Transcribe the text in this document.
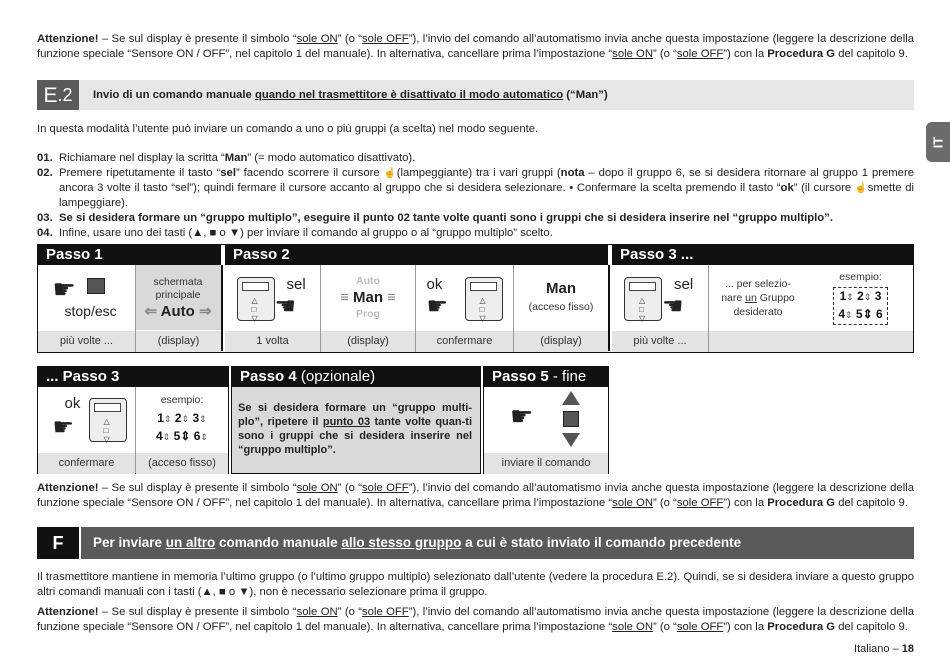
Attenzione! – Se sul display è presente il simbolo “sole ON” (o “sole OFF”), l’invio del comando all’automatismo invia anche questa impostazione (leggere la descrizione della funzione speciale “Sensore ON / OFF”, nel capitolo 1 del manuale). In alternativa, cancellare prima l’impostazione “sole ON” (o “sole OFF”) con la Procedura G del capitolo 9.

E .2 Invio di un comando manuale quando nel trasmettitore è disattivato il modo automatico (“Man”)
IT

In questa modalità l’utente può inviare un comando a uno o più gruppi (a scelta) nel modo seguente.

01. Richiamare nel display la scritta “Man” (= modo automatico disattivato).
02. Premere ripetutamente il tasto “sel” facendo scorrere il cursore ☝(lampeggiante) tra i vari gruppi (nota – dopo il gruppo 6, se si desidera ritornare al gruppo 1 premere ancora 3 volte il tasto “sel”); quindi fermare il cursore accanto al gruppo che si desidera selezionare. • Confermare la scelta premendo il tasto “ok” (il cursore ☝smette di lampeggiare).
03. Se si desidera formare un “gruppo multiplo”, eseguire il punto 02 tante volte quanti sono i gruppi che si desidera inserire nel “gruppo multiplo”.
04. Infine, usare uno dei tasti (▲, ■ o ▼) per inviare il comando al gruppo o al “gruppo multiplo” scelto.
Passo 1	Passo 2	Passo 3 ...
☛
stop/esc
schermata principale
⇐ Auto ⇒
△
□
▽
sel
☚
Auto
≡ Man ≡
Prog
ok
△
□
▽
☛
Man
(acceso fisso)
△
□
▽
sel
☚
... per selezio-nare un Gruppo desiderato
esempio:
1⇕ 2⇕ 3
4⇕ 5⇕ 6
più volte ...	(display)	1 volta	(display)	confermare	(display)	più volte ...
... Passo 3	Passo 4 (opzionale)	Passo 5 - fine
ok
△
□
▽
☛
esempio:
1⇕ 2⇕ 3⇕
4⇕ 5⇕ 6⇕
confermare	(acceso fisso)
Se si desidera formare un “gruppo multi-plo”, ripetere il punto 03 tante volte quan-ti sono i gruppi che si desidera inserire nel “gruppo multiplo”.
☛
inviare il comando

Attenzione! – Se sul display è presente il simbolo “sole ON” (o “sole OFF”), l’invio del comando all’automatismo invia anche questa impostazione (leggere la descrizione della funzione speciale “Sensore ON / OFF”, nel capitolo 1 del manuale). In alternativa, cancellare prima l’impostazione “sole ON” (o “sole OFF”) con la Procedura G del capitolo 9.

F	Per inviare un altro comando manuale allo stesso gruppo a cui è stato inviato il comando precedente

Il trasmettitore mantiene in memoria l’ultimo gruppo (o l’ultimo gruppo multiplo) selezionato dall’utente (vedere la procedura E.2). Quindi, se si desidera inviare a questo gruppo altri comandi manuali con i tasti (▲, ■ o ▼), non è necessario selezionare prima il gruppo.

Attenzione! – Se sul display è presente il simbolo “sole ON” (o “sole OFF”), l’invio del comando all’automatismo invia anche questa impostazione (leggere la descrizione della funzione speciale “Sensore ON / OFF”, nel capitolo 1 del manuale). In alternativa, cancellare prima l’impostazione “sole ON” (o “sole OFF”) con la Procedura G del capitolo 9.

Italiano – 18
